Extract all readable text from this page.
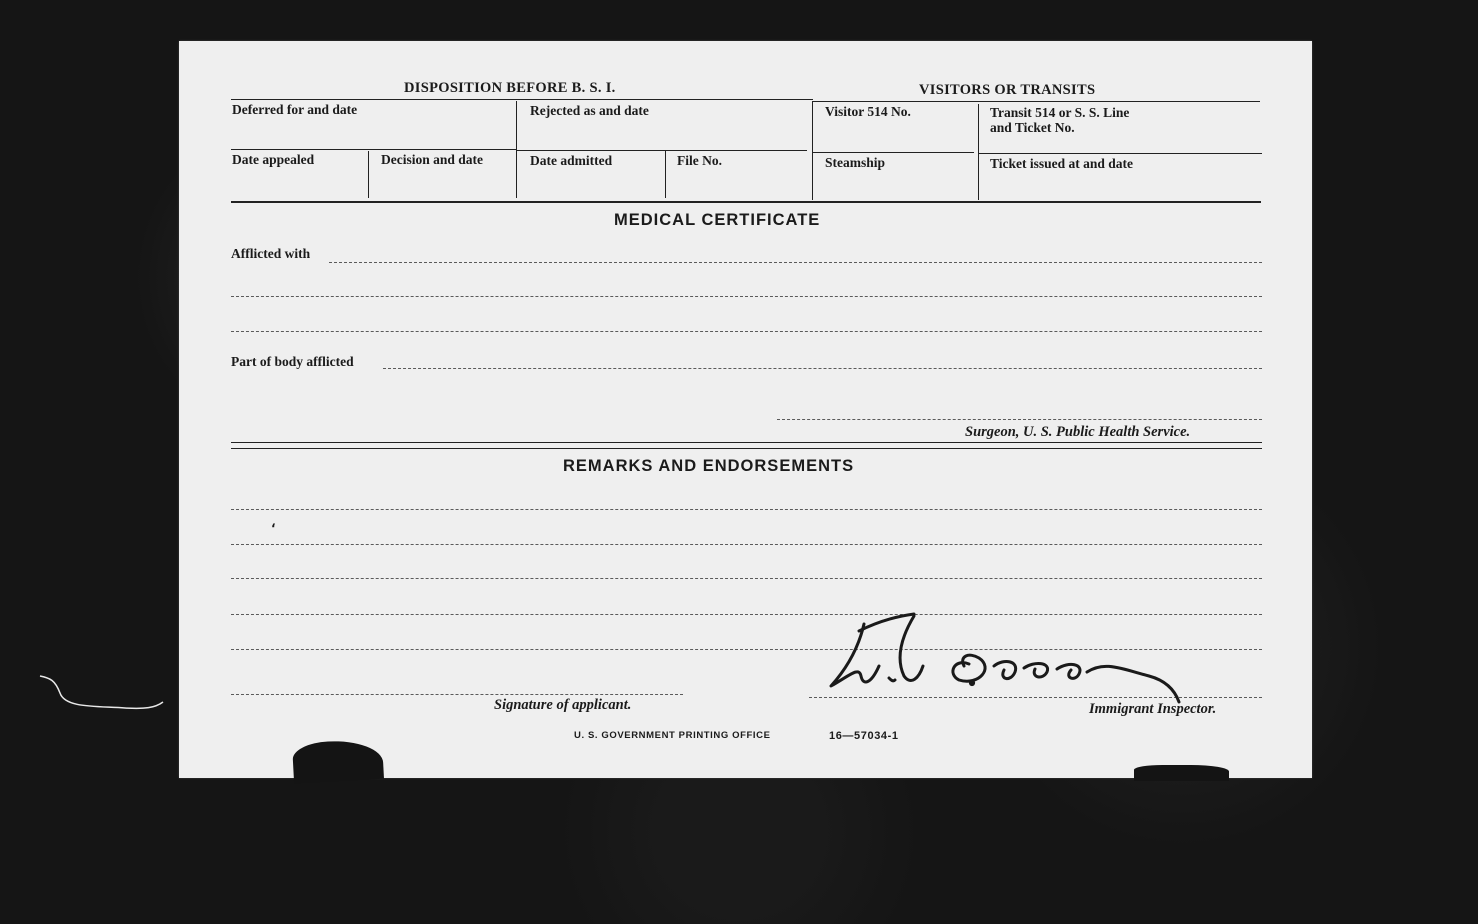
DISPOSITION BEFORE B. S. I.	VISITORS OR TRANSITS
Deferred for and date	Rejected as and date
Date appealed	Decision and date	Date admitted	File No.
Visitor 514 No.	Transit 514 or S. S. Line
and Ticket No.
Steamship	Ticket issued at and date
MEDICAL CERTIFICATE
Afflicted with
Part of body afflicted
Surgeon, U. S. Public Health Service.
REMARKS AND ENDORSEMENTS
،
Signature of applicant.	Immigrant Inspector.
U. S. GOVERNMENT PRINTING OFFICE	16—57034-1
